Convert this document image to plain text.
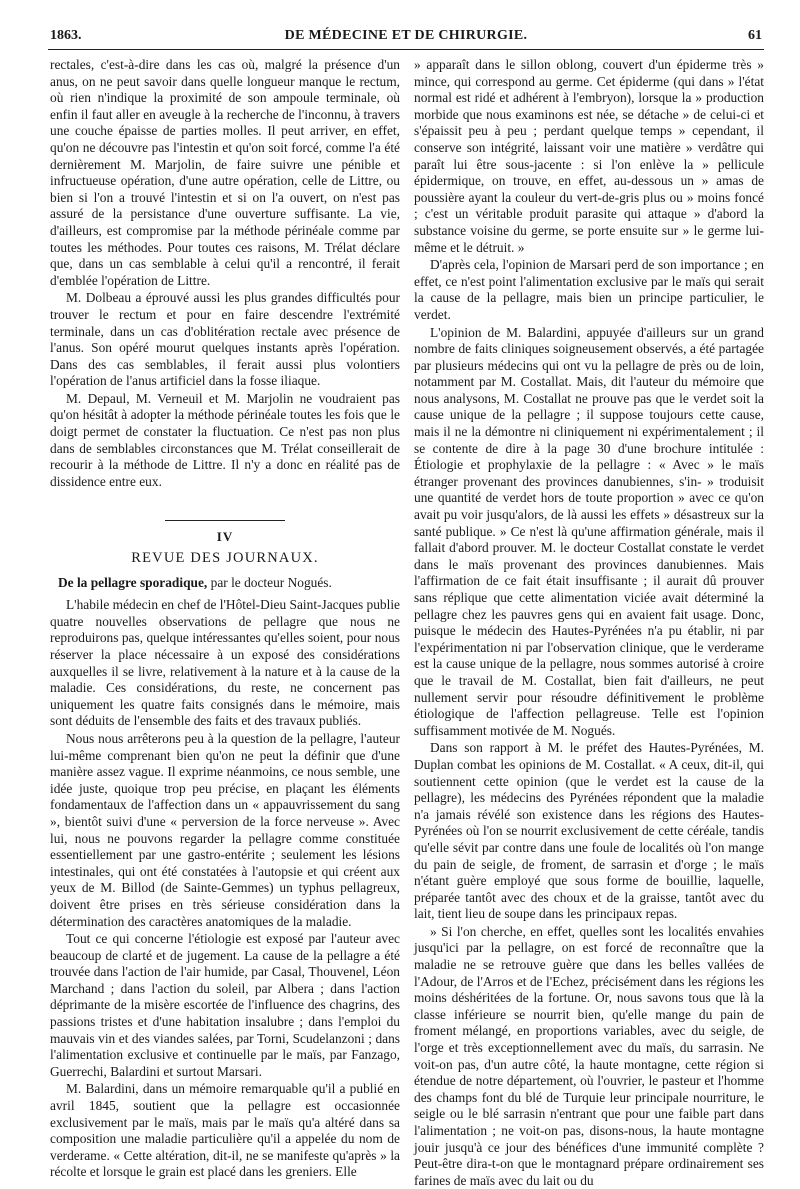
1863.	DE MÉDECINE ET DE CHIRURGIE.	61

rectales, c'est-à-dire dans les cas où, malgré la présence d'un anus, on ne peut savoir dans quelle longueur manque le rectum, où rien n'indique la proximité de son ampoule terminale, où enfin il faut aller en aveugle à la recherche de l'inconnu, à travers une couche épaisse de parties molles. Il peut arriver, en effet, qu'on ne découvre pas l'intestin et qu'on soit forcé, comme l'a été dernièrement M. Marjolin, de faire suivre une pénible et infructueuse opération, d'une autre opération, celle de Littre, ou bien si l'on a trouvé l'intestin et si on l'a ouvert, on n'est pas assuré de la persistance d'une ouverture suffisante. La vie, d'ailleurs, est compromise par la méthode périnéale comme par toutes les méthodes. Pour toutes ces raisons, M. Trélat déclare que, dans un cas semblable à celui qu'il a rencontré, il ferait d'emblée l'opération de Littre.

M. Dolbeau a éprouvé aussi les plus grandes difficultés pour trouver le rectum et pour en faire descendre l'extrémité terminale, dans un cas d'oblitération rectale avec présence de l'anus. Son opéré mourut quelques instants après l'opération. Dans des cas semblables, il ferait aussi plus volontiers l'opération de l'anus artificiel dans la fosse iliaque.

M. Depaul, M. Verneuil et M. Marjolin ne voudraient pas qu'on hésitât à adopter la méthode périnéale toutes les fois que le doigt permet de constater la fluctuation. Ce n'est pas non plus dans de semblables circonstances que M. Trélat conseillerait de recourir à la méthode de Littre. Il n'y a donc en réalité pas de dissidence entre eux.

IV
REVUE DES JOURNAUX.

De la pellagre sporadique, par le docteur Nogués.

L'habile médecin en chef de l'Hôtel-Dieu Saint-Jacques publie quatre nouvelles observations de pellagre que nous ne reproduirons pas, quelque intéressantes qu'elles soient, pour nous réserver la place nécessaire à un exposé des considérations auxquelles il se livre, relativement à la nature et à la cause de la maladie. Ces considérations, du reste, ne concernent pas uniquement les quatre faits consignés dans le mémoire, mais sont déduits de l'ensemble des faits et des travaux publiés.

Nous nous arrêterons peu à la question de la pellagre, l'auteur lui-même comprenant bien qu'on ne peut la définir que d'une manière assez vague. Il exprime néanmoins, ce nous semble, une idée juste, quoique trop peu précise, en plaçant les éléments fondamentaux de l'affection dans un « appauvrissement du sang », bientôt suivi d'une « perversion de la force nerveuse ». Avec lui, nous ne pouvons regarder la pellagre comme constituée essentiellement par une gastro-entérite ; seulement les lésions intestinales, qui ont été constatées à l'autopsie et qui créent aux yeux de M. Billod (de Sainte-Gemmes) un typhus pellagreux, doivent être prises en très sérieuse considération dans la détermination des caractères anatomiques de la maladie.

Tout ce qui concerne l'étiologie est exposé par l'auteur avec beaucoup de clarté et de jugement. La cause de la pellagre a été trouvée dans l'action de l'air humide, par Casal, Thouvenel, Léon Marchand ; dans l'action du soleil, par Albera ; dans l'action déprimante de la misère escortée de l'influence des chagrins, des passions tristes et d'une habitation insalubre ; dans l'emploi du mauvais vin et des viandes salées, par Torni, Scudelanzoni ; dans l'alimentation exclusive et continuelle par le maïs, par Fanzago, Guerrechi, Balardini et surtout Marsari.

M. Balardini, dans un mémoire remarquable qu'il a publié en avril 1845, soutient que la pellagre est occasionnée exclusivement par le maïs, mais par le maïs qu'a altéré dans sa composition une maladie particulière qu'il a appelée du nom de verderame. « Cette altération, dit-il, ne se manifeste qu'après » la récolte et lorsque le grain est placé dans les greniers. Elle

» apparaît dans le sillon oblong, couvert d'un épiderme très » mince, qui correspond au germe. Cet épiderme (qui dans » l'état normal est ridé et adhérent à l'embryon), lorsque la » production morbide que nous examinons est née, se détache » de celui-ci et s'épaissit peu à peu ; perdant quelque temps » cependant, il conserve son intégrité, laissant voir une matière » verdâtre qui paraît lui être sous-jacente : si l'on enlève la » pellicule épidermique, on trouve, en effet, au-dessous un » amas de poussière ayant la couleur du vert-de-gris plus ou » moins foncé ; c'est un véritable produit parasite qui attaque » d'abord la substance voisine du germe, se porte ensuite sur » le germe lui-même et le détruit. »

D'après cela, l'opinion de Marsari perd de son importance ; en effet, ce n'est point l'alimentation exclusive par le maïs qui serait la cause de la pellagre, mais bien un principe particulier, le verdet.

L'opinion de M. Balardini, appuyée d'ailleurs sur un grand nombre de faits cliniques soigneusement observés, a été partagée par plusieurs médecins qui ont vu la pellagre de près ou de loin, notamment par M. Costallat. Mais, dit l'auteur du mémoire que nous analysons, M. Costallat ne prouve pas que le verdet soit la cause unique de la pellagre ; il suppose toujours cette cause, mais il ne la démontre ni cliniquement ni expérimentalement ; il se contente de dire à la page 30 d'une brochure intitulée : Étiologie et prophylaxie de la pellagre : « Avec » le maïs étranger provenant des provinces danubiennes, s'in- » troduisit une quantité de verdet hors de toute proportion » avec ce qu'on avait pu voir jusqu'alors, de là aussi les effets » désastreux sur la santé publique. » Ce n'est là qu'une affirmation générale, mais il fallait d'abord prouver. M. le docteur Costallat constate le verdet dans le maïs provenant des provinces danubiennes. Mais l'affirmation de ce fait était insuffisante ; il aurait dû prouver sans réplique que cette alimentation viciée avait déterminé la pellagre chez les pauvres gens qui en avaient fait usage. Donc, puisque le médecin des Hautes-Pyrénées n'a pu établir, ni par l'expérimentation ni par l'observation clinique, que le verderame est la cause unique de la pellagre, nous sommes autorisé à croire que le travail de M. Costallat, bien fait d'ailleurs, ne peut nullement servir pour résoudre définitivement le problème étiologique de l'affection pellagreuse. Telle est l'opinion suffisamment motivée de M. Nogués.

Dans son rapport à M. le préfet des Hautes-Pyrénées, M. Duplan combat les opinions de M. Costallat. « A ceux, dit-il, qui soutiennent cette opinion (que le verdet est la cause de la pellagre), les médecins des Pyrénées répondent que la maladie n'a jamais révélé son existence dans les régions des Hautes-Pyrénées où l'on se nourrit exclusivement de cette céréale, tandis qu'elle sévit par contre dans une foule de localités où l'on mange du pain de seigle, de froment, de sarrasin et d'orge ; le maïs n'étant guère employé que sous forme de bouillie, laquelle, préparée tantôt avec des choux et de la graisse, tantôt avec du lait, tient lieu de soupe dans les principaux repas.

» Si l'on cherche, en effet, quelles sont les localités envahies jusqu'ici par la pellagre, on est forcé de reconnaître que la maladie ne se retrouve guère que dans les belles vallées de l'Adour, de l'Arros et de l'Echez, précisément dans les régions les moins déshéritées de la fortune. Or, nous savons tous que là la classe inférieure se nourrit bien, qu'elle mange du pain de froment mélangé, en proportions variables, avec du seigle, de l'orge et très exceptionnellement avec du maïs, du sarrasin. Ne voit-on pas, d'un autre côté, la haute montagne, cette région si étendue de notre département, où l'ouvrier, le pasteur et l'homme des champs font du blé de Turquie leur principale nourriture, le seigle ou le blé sarrasin n'entrant que pour une faible part dans l'alimentation ; ne voit-on pas, disons-nous, la haute montagne jouir jusqu'à ce jour des bénéfices d'une immunité complète ? Peut-être dira-t-on que le montagnard prépare ordinairement ses farines de maïs avec du lait ou du
